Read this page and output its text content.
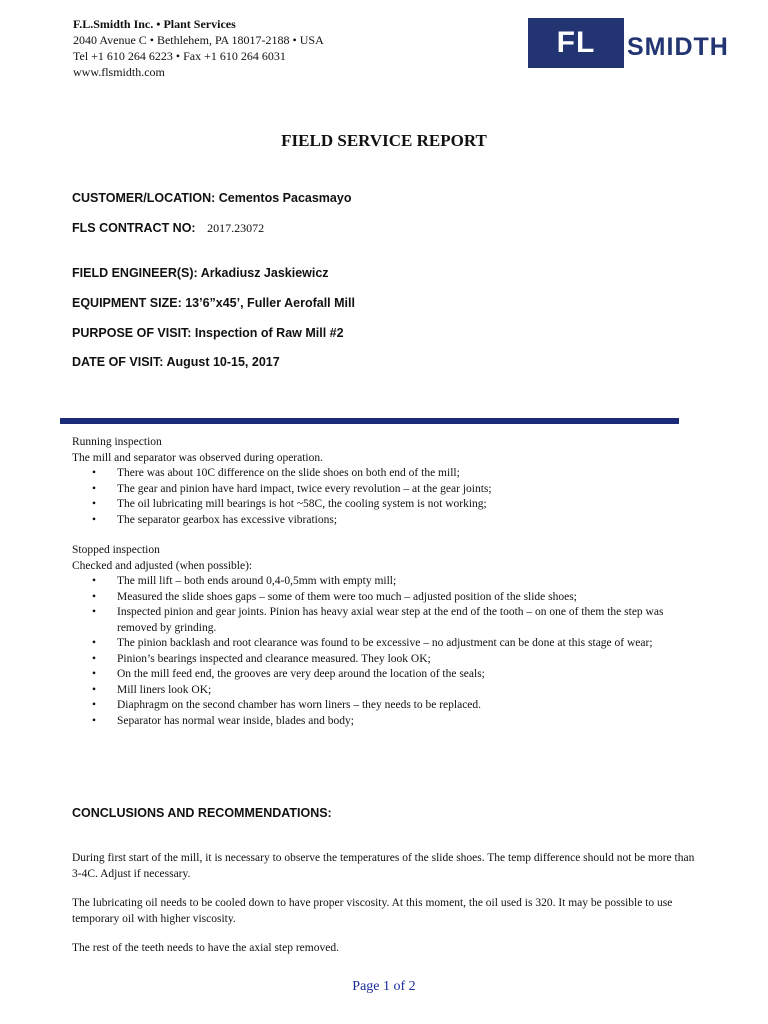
F.L.Smidth Inc. • Plant Services
2040 Avenue C • Bethlehem, PA 18017-2188 • USA
Tel +1 610 264 6223 • Fax +1 610 264 6031
www.flsmidth.com
FL	SMIDTH
FIELD SERVICE REPORT
CUSTOMER/LOCATION: Cementos Pacasmayo
FLS CONTRACT NO: 2017.23072
FIELD ENGINEER(S): Arkadiusz Jaskiewicz
EQUIPMENT SIZE: 13’6”x45’, Fuller Aerofall Mill
PURPOSE OF VISIT: Inspection of Raw Mill #2
DATE OF VISIT: August 10-15, 2017
Running inspection
The mill and separator was observed during operation.
• There was about 10C difference on the slide shoes on both end of the mill;
• The gear and pinion have hard impact, twice every revolution – at the gear joints;
• The oil lubricating mill bearings is hot ~58C, the cooling system is not working;
• The separator gearbox has excessive vibrations;
Stopped inspection
Checked and adjusted (when possible):
• The mill lift – both ends around 0,4-0,5mm with empty mill;
• Measured the slide shoes gaps – some of them were too much – adjusted position of the slide shoes;
• Inspected pinion and gear joints. Pinion has heavy axial wear step at the end of the tooth – on one of them the step was removed by grinding.
• The pinion backlash and root clearance was found to be excessive – no adjustment can be done at this stage of wear;
• Pinion’s bearings inspected and clearance measured. They look OK;
• On the mill feed end, the grooves are very deep around the location of the seals;
• Mill liners look OK;
• Diaphragm on the second chamber has worn liners – they needs to be replaced.
• Separator has normal wear inside, blades and body;
CONCLUSIONS AND RECOMMENDATIONS:
During first start of the mill, it is necessary to observe the temperatures of the slide shoes. The temp difference should not be more than 3-4C. Adjust if necessary.
The lubricating oil needs to be cooled down to have proper viscosity. At this moment, the oil used is 320. It may be possible to use temporary oil with higher viscosity.
The rest of the teeth needs to have the axial step removed.
Page 1 of 2
